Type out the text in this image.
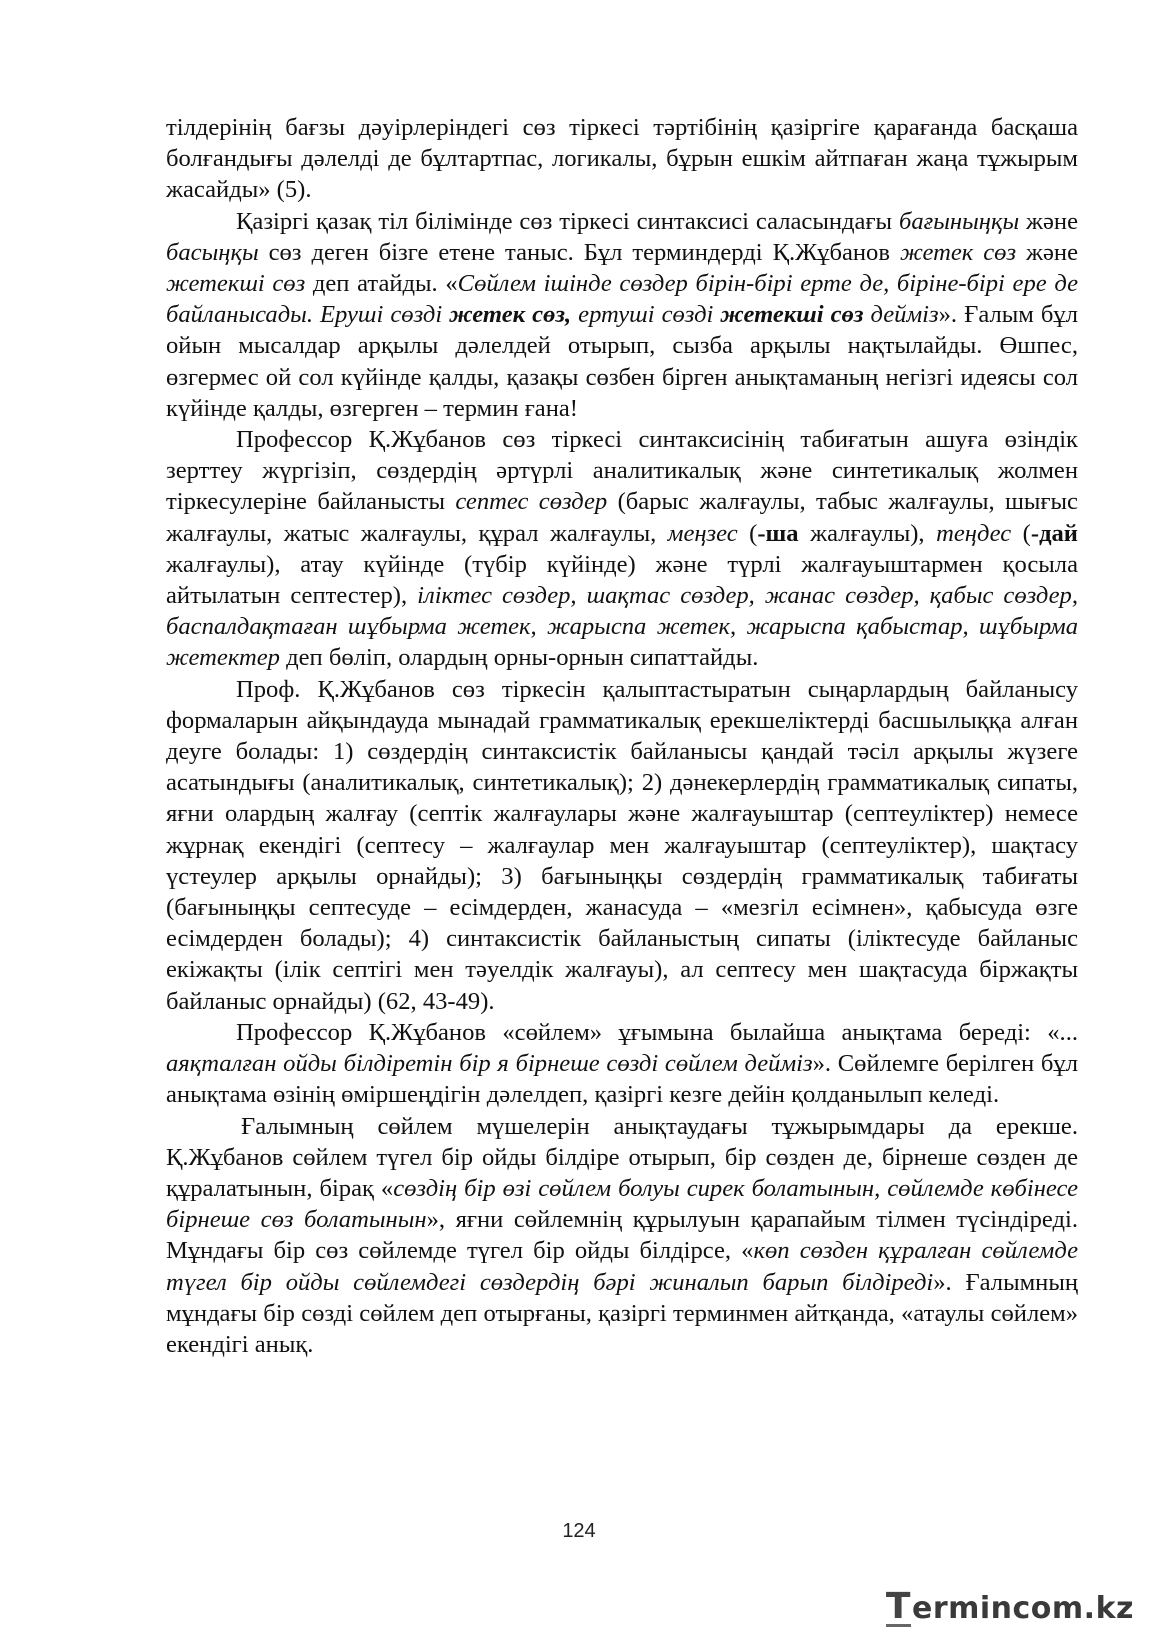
тілдерінің бағзы дәуірлеріндегі сөз тіркесі тәртібінің қазіргіге қарағанда басқаша болғандығы дәлелді де бұлтартпас, логикалы, бұрын ешкім айтпаған жаңа тұжырым жасайды» (5).

Қазіргі қазақ тіл білімінде сөз тіркесі синтаксисі саласындағы бағыныңқы және басыңқы сөз деген бізге етене таныс. Бұл терминдерді Қ.Жұбанов жетек сөз және жетекші сөз деп атайды. «Сөйлем ішінде сөздер бірін-бірі ерте де, біріне-бірі ере де байланысады. Ерушi сөздi жетек сөз, ертушi сөздi жетекшi сөз деймiз». Ғалым бұл ойын мысалдар арқылы дәлелдей отырып, сызба арқылы нақтылайды. Өшпес, өзгермес ой сол күйінде қалды, қазақы сөзбен бірген анықтаманың негізгі идеясы сол күйінде қалды, өзгерген – термин ғана!

Профессор Қ.Жұбанов сөз тіркесі синтаксисінің табиғатын ашуға өзіндік зерттеу жүргізіп, сөздердің әртүрлі аналитикалық және синтетикалық жолмен тіркесулеріне байланысты септес сөздер (барыс жалғаулы, табыс жалғаулы, шығыс жалғаулы, жатыс жалғаулы, құрал жалғаулы, меңзес (-ша жалғаулы), теңдес (-дай жалғаулы), атау күйінде (түбір күйінде) және түрлі жалғауыштармен қосыла айтылатын септестер), іліктес сөздер, шақтас сөздер, жанас сөздер, қабыс сөздер, баспалдақтаған шұбырма жетек, жарыспа жетек, жарыспа қабыстар, шұбырма жетектер деп бөліп, олардың орны-орнын сипаттайды.

Проф. Қ.Жұбанов сөз тіркесін қалыптастыратын сыңарлардың байланысу формаларын айқындауда мынадай грамматикалық ерекшеліктерді басшылыққа алған деуге болады: 1) сөздердің синтаксистік байланысы қандай тәсіл арқылы жүзеге асатындығы (аналитикалық, синтетикалық); 2) дәнекерлердің грамматикалық сипаты, яғни олардың жалғау (септік жалғаулары және жалғауыштар (септеуліктер) немесе жұрнақ екендігі (септесу – жалғаулар мен жалғауыштар (септеуліктер), шақтасу үстеулер арқылы орнайды); 3) бағыныңқы сөздердің грамматикалық табиғаты (бағыныңқы септесуде – есімдерден, жанасуда – «мезгіл есімнен», қабысуда өзге есімдерден болады); 4) синтаксистік байланыстың сипаты (іліктесуде байланыс екіжақты (ілік септігі мен тәуелдік жалғауы), ал септесу мен шақтасуда біржақты байланыс орнайды) (62, 43-49).

Профессор Қ.Жұбанов «сөйлем» ұғымына былайша анықтама береді: «... аяқталған ойды білдіретін бір я бірнеше сөзді сөйлем деймiз». Сөйлемге берілген бұл анықтама өзінің өміршеңдігін дәлелдеп, қазіргі кезге дейін қолданылып келеді.

Ғалымның сөйлем мүшелерін анықтаудағы тұжырымдары да ерекше. Қ.Жұбанов сөйлем түгел бір ойды білдіре отырып, бір сөзден де, бірнеше сөзден де құралатынын, бірақ «сөздің бір өзі сөйлем болуы сирек болатынын, сөйлемде көбінесе бірнеше сөз болатынын», яғни сөйлемнің құрылуын қарапайым тілмен түсіндіреді. Мұндағы бір сөз сөйлемде түгел бір ойды білдірсе, «көп сөзден құралған сөйлемде түгел бір ойды сөйлемдегі сөздердің бәрі жиналып барып білдіреді». Ғалымның мұндағы бір сөзді сөйлем деп отырғаны, қазіргі терминмен айтқанда, «атаулы сөйлем» екендігі анық.

124
T ermincom.kz
